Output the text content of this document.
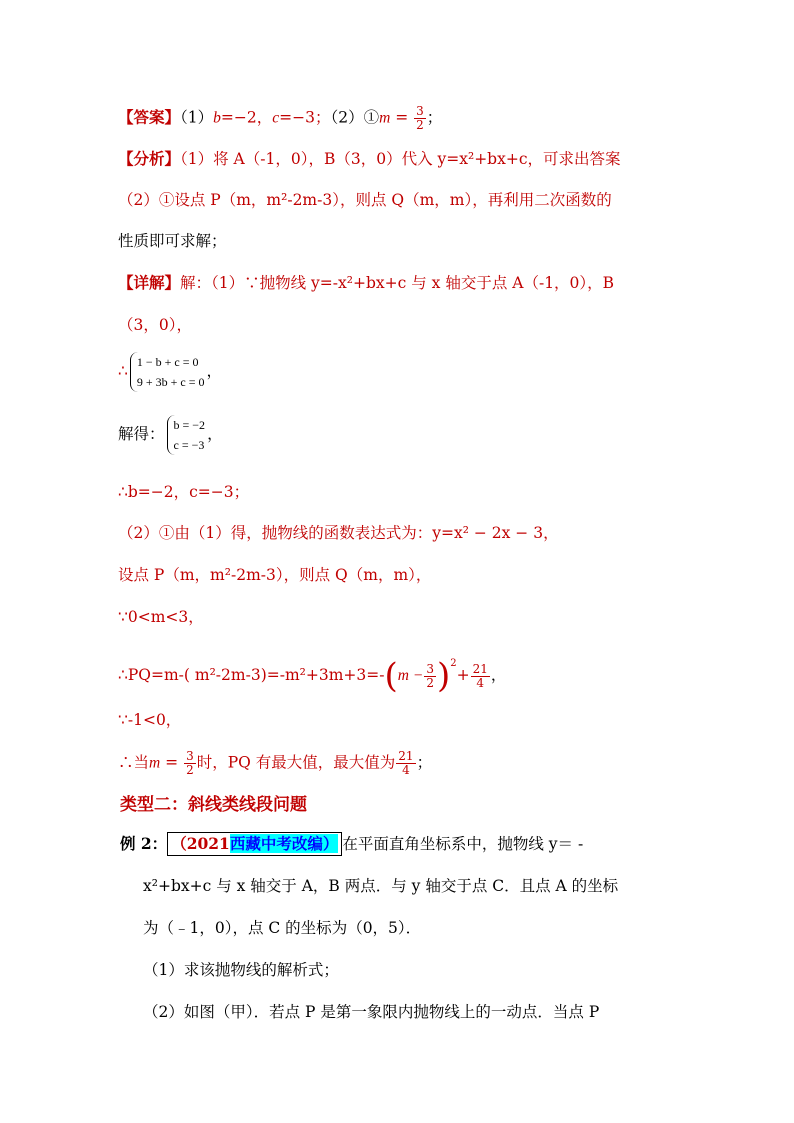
【答案】（1）b=−2，c=−3；（2）①m = $\frac{3}{2}$ ；
【分析】（1）将 A（-1，0），B（3，0）代入 y=x²+bx+c，可求出答案
（2）①设点 P（m，m²-2m-3），则点 Q（m，m），再利用二次函数的
性质即可求解；
【详解】解：（1）∵抛物线 y=-x²+bx+c 与 x 轴交于点 A（-1，0），B
（3，0），
∴ 1 − b + c = 0
9 + 3b + c = 0
，
解得： b = −2
c = −3
，
∴b=−2，c=−3；
（2）①由（1）得，抛物线的函数表达式为：y=x² − 2x − 3，
设点 P（m，m²-2m-3），则点 Q（m，m），
∵0<m<3，
∴PQ=m-( $m^2-2m-3)=-m^2+3m+3=-(m - \frac{3}{2} )^2+ \frac{21}{4}$ ，
∵-1<0，
∴当$m = \frac{3}{2}$ 时，PQ 有最大值，最大值为 $\frac{21}{4}$ ；
类型二：斜线类线段问题
例 2： （2021西藏中考改编） 在平面直角坐标系中，抛物线 y＝ -
x²+bx+c 与 x 轴交于 A，B 两点．与 y 轴交于点 C．且点 A 的坐标
为（﹣1，0），点 C 的坐标为（0，5）．
（1）求该抛物线的解析式；
（2）如图（甲）．若点 P 是第一象限内抛物线上的一动点．当点 P
